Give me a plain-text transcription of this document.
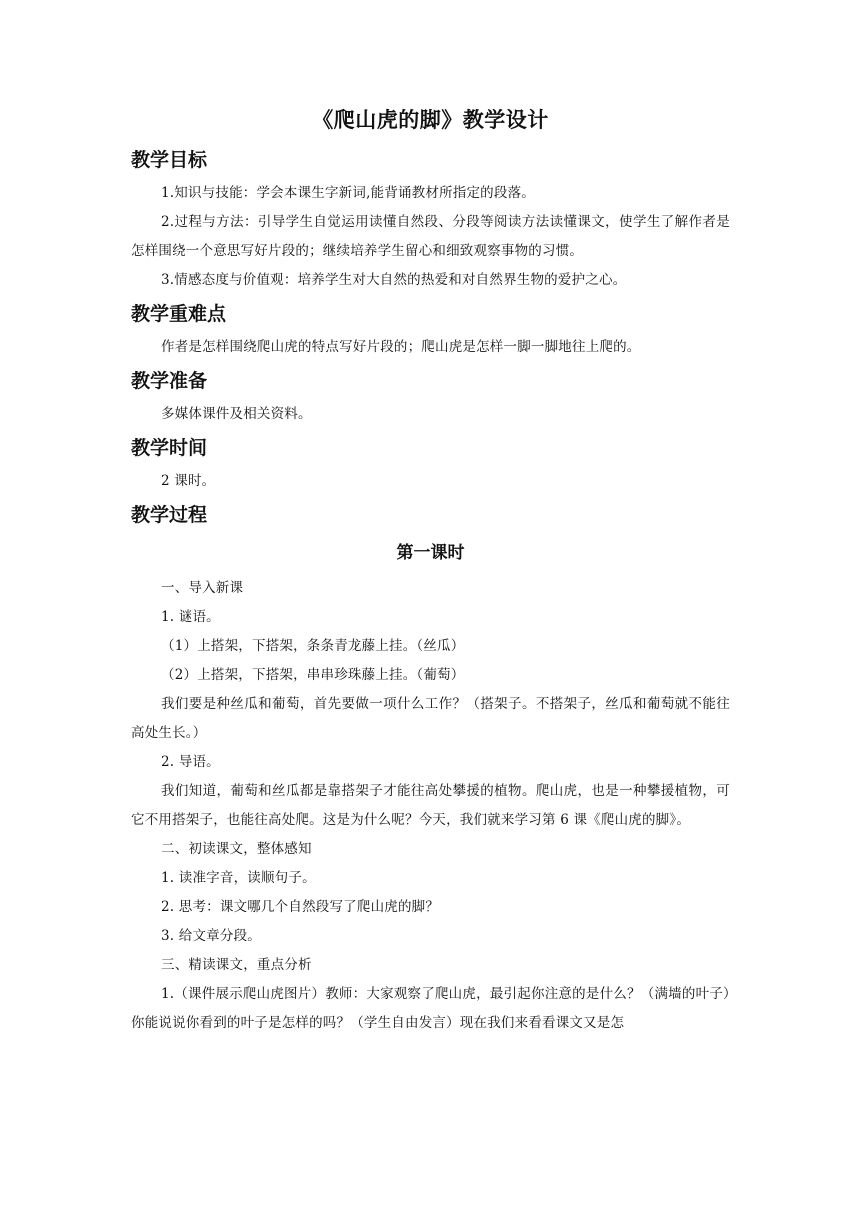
《爬山虎的脚》教学设计
教学目标

1.知识与技能：学会本课生字新词,能背诵教材所指定的段落。

2.过程与方法：引导学生自觉运用读懂自然段、分段等阅读方法读懂课文，使学生了解作者是怎样围绕一个意思写好片段的；继续培养学生留心和细致观察事物的习惯。

3.情感态度与价值观：培养学生对大自然的热爱和对自然界生物的爱护之心。

教学重难点

作者是怎样围绕爬山虎的特点写好片段的；爬山虎是怎样一脚一脚地往上爬的。

教学准备

多媒体课件及相关资料。

教学时间

2 课时。

教学过程
第一课时

一、导入新课

1. 谜语。

（1）上搭架，下搭架，条条青龙藤上挂。（丝瓜）

（2）上搭架，下搭架，串串珍珠藤上挂。（葡萄）

我们要是种丝瓜和葡萄，首先要做一项什么工作？（搭架子。不搭架子，丝瓜和葡萄就不能往高处生长。）

2. 导语。

我们知道，葡萄和丝瓜都是靠搭架子才能往高处攀援的植物。爬山虎，也是一种攀援植物，可它不用搭架子，也能往高处爬。这是为什么呢？今天，我们就来学习第 6 课《爬山虎的脚》。

二、初读课文，整体感知

1. 读准字音，读顺句子。

2. 思考：课文哪几个自然段写了爬山虎的脚？

3. 给文章分段。

三、精读课文，重点分析

1.（课件展示爬山虎图片）教师：大家观察了爬山虎，最引起你注意的是什么？（满墙的叶子）你能说说你看到的叶子是怎样的吗？（学生自由发言）现在我们来看看课文又是怎
